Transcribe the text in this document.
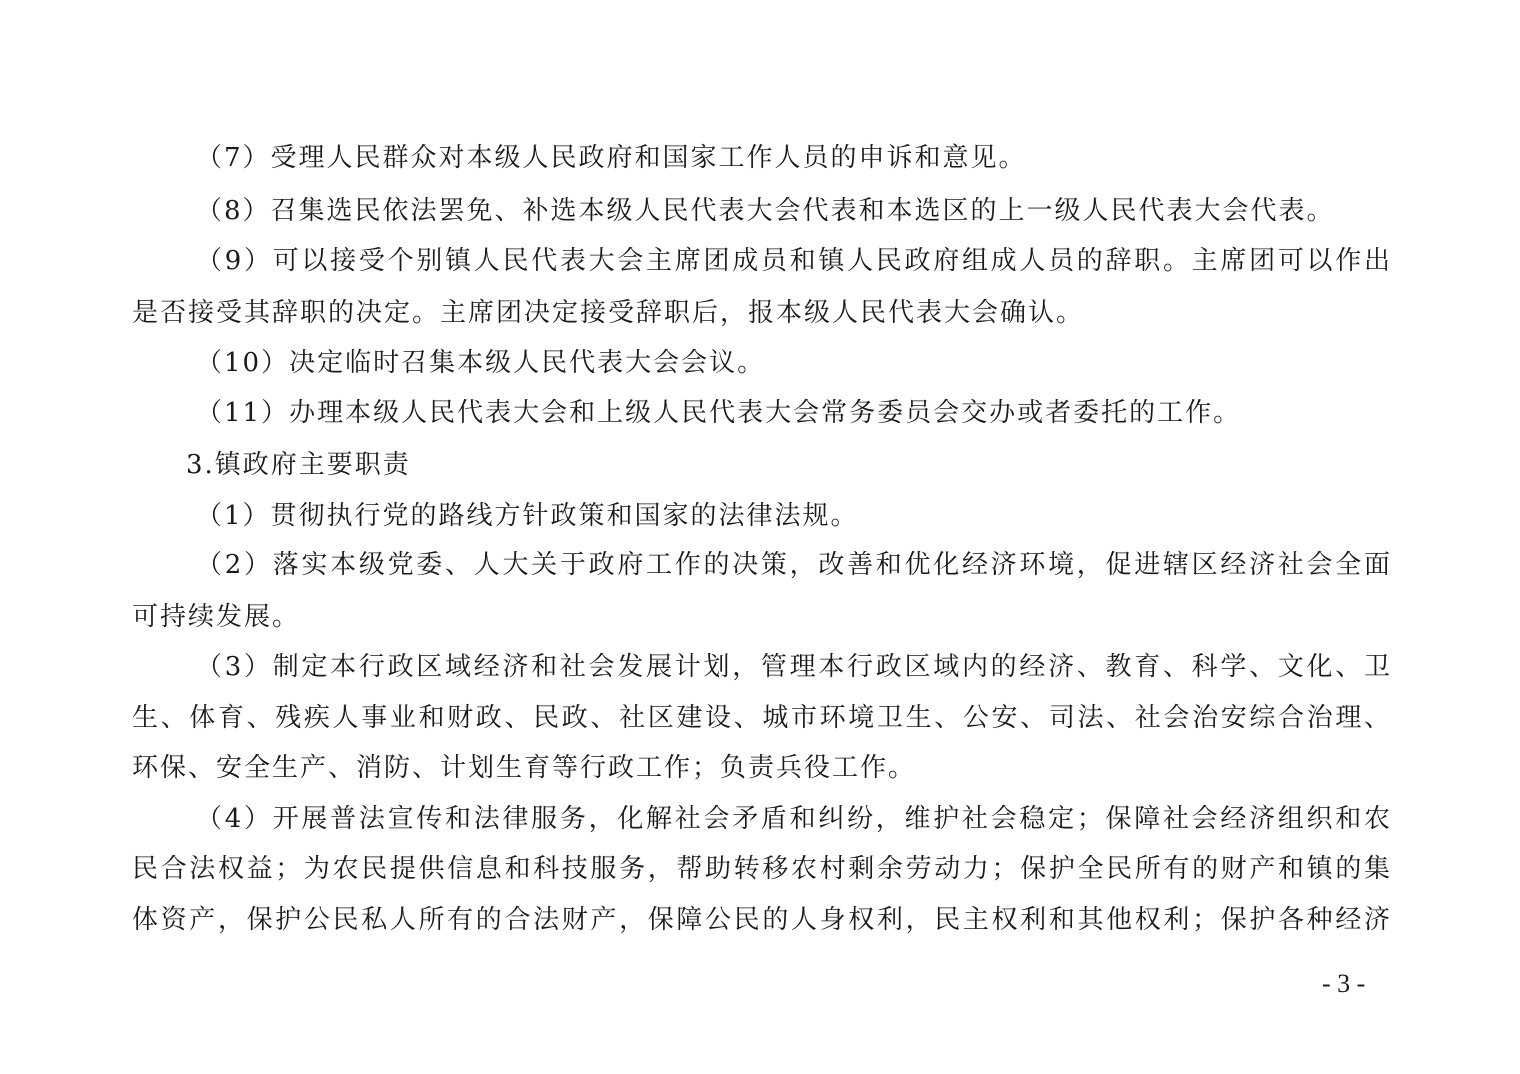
（7）受理人民群众对本级人民政府和国家工作人员的申诉和意见。
（8）召集选民依法罢免、补选本级人民代表大会代表和本选区的上一级人民代表大会代表。
（9）可以接受个别镇人民代表大会主席团成员和镇人民政府组成人员的辞职。主席团可以作出
是否接受其辞职的决定。主席团决定接受辞职后，报本级人民代表大会确认。
（10）决定临时召集本级人民代表大会会议。
（11）办理本级人民代表大会和上级人民代表大会常务委员会交办或者委托的工作。
3.镇政府主要职责
（1）贯彻执行党的路线方针政策和国家的法律法规。
（2）落实本级党委、人大关于政府工作的决策，改善和优化经济环境，促进辖区经济社会全面
可持续发展。
（3）制定本行政区域经济和社会发展计划，管理本行政区域内的经济、教育、科学、文化、卫
生、体育、残疾人事业和财政、民政、社区建设、城市环境卫生、公安、司法、社会治安综合治理、
环保、安全生产、消防、计划生育等行政工作；负责兵役工作。
（4）开展普法宣传和法律服务，化解社会矛盾和纠纷，维护社会稳定；保障社会经济组织和农
民合法权益；为农民提供信息和科技服务，帮助转移农村剩余劳动力；保护全民所有的财产和镇的集
体资产，保护公民私人所有的合法财产，保障公民的人身权利，民主权利和其他权利；保护各种经济
- 3 -
